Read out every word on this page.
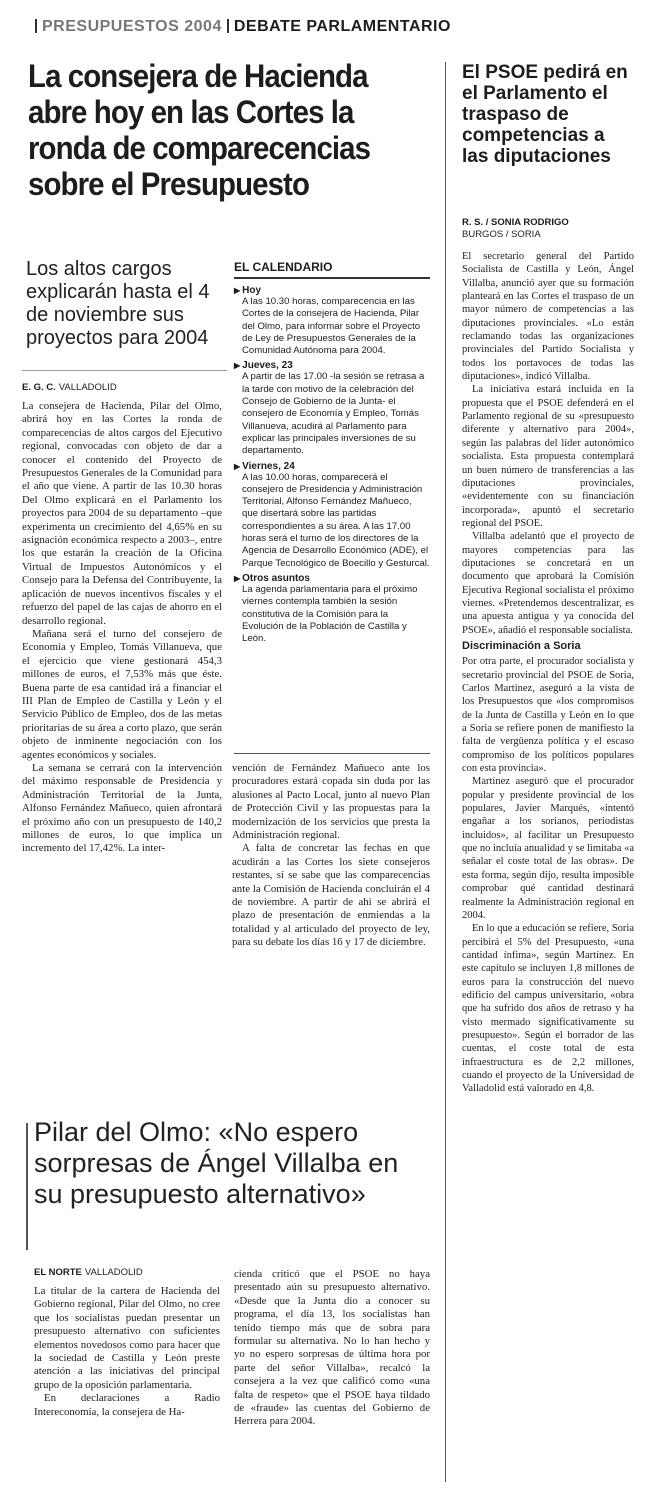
PRESUPUESTOS 2004 DEBATE PARLAMENTARIO
La consejera de Hacienda abre hoy en las Cortes la ronda de comparecencias sobre el Presupuesto
Los altos cargos explicarán hasta el 4 de noviembre sus proyectos para 2004
E. G. C. VALLADOLID

La consejera de Hacienda, Pilar del Olmo, abrirá hoy en las Cortes la ronda de comparecencias de altos cargos del Ejecutivo regional, convocadas con objeto de dar a conocer el contenido del Proyecto de Presupuestos Generales de la Comunidad para el año que viene. A partir de las 10.30 horas Del Olmo explicará en el Parlamento los proyectos para 2004 de su departamento –que experimenta un crecimiento del 4,65% en su asignación económica respecto a 2003–, entre los que estarán la creación de la Oficina Virtual de Impuestos Autonómicos y el Consejo para la Defensa del Contribuyente, la aplicación de nuevos incentivos fiscales y el refuerzo del papel de las cajas de ahorro en el desarrollo regional.

Mañana será el turno del consejero de Economía y Empleo, Tomás Villanueva, que el ejercicio que viene gestionará 454,3 millones de euros, el 7,53% más que éste. Buena parte de esa cantidad irá a financiar el III Plan de Empleo de Castilla y León y el Servicio Público de Empleo, dos de las metas prioritarias de su área a corto plazo, que serán objeto de inminente negociación con los agentes económicos y sociales.

La semana se cerrará con la intervención del máximo responsable de Presidencia y Administración Territorial de la Junta, Alfonso Fernández Mañueco, quien afrontará el próximo año con un presupuesto de 140,2 millones de euros, lo que implica un incremento del 17,42%. La inter-

EL CALENDARIO
▶ Hoy
A las 10.30 horas, comparecencia en las Cortes de la consejera de Hacienda, Pilar del Olmo, para informar sobre el Proyecto de Ley de Presupuestos Generales de la Comunidad Autónoma para 2004.
▶ Jueves, 23
A partir de las 17.00 -la sesión se retrasa a la tarde con motivo de la celebración del Consejo de Gobierno de la Junta- el consejero de Economía y Empleo, Tomás Villanueva, acudirá al Parlamento para explicar las principales inversiones de su departamento.
▶ Viernes, 24
A las 10.00 horas, comparecerá el consejero de Presidencia y Administración Territorial, Alfonso Fernández Mañueco, que disertará sobre las partidas correspondientes a su área. A las 17.00 horas será el turno de los directores de la Agencia de Desarrollo Económico (ADE), el Parque Tecnológico de Boecillo y Gesturcal.
▶ Otros asuntos
La agenda parlamentaria para el próximo viernes contempla también la sesión constitutiva de la Comisión para la Evolución de la Población de Castilla y León.

vención de Fernández Mañueco ante los procuradores estará copada sin duda por las alusiones al Pacto Local, junto al nuevo Plan de Protección Civil y las propuestas para la modernización de los servicios que presta la Administración regional.

A falta de concretar las fechas en que acudirán a las Cortes los siete consejeros restantes, sí se sabe que las comparecencias ante la Comisión de Hacienda concluirán el 4 de noviembre. A partir de ahí se abrirá el plazo de presentación de enmiendas a la totalidad y al articulado del proyecto de ley, para su debate los días 16 y 17 de diciembre.

El PSOE pedirá en el Parlamento el traspaso de competencias a las diputaciones
R. S. / SONIA RODRIGO
BURGOS / SORIA

El secretario general del Partido Socialista de Castilla y León, Ángel Villalba, anunció ayer que su formación planteará en las Cortes el traspaso de un mayor número de competencias a las diputaciones provinciales. «Lo están reclamando todas las organizaciones provinciales del Partido Socialista y todos los portavoces de todas las diputaciones», indicó Villalba.

La iniciativa estará incluida en la propuesta que el PSOE defenderá en el Parlamento regional de su «presupuesto diferente y alternativo para 2004», según las palabras del líder autonómico socialista. Esta propuesta contemplará un buen número de transferencias a las diputaciones provinciales, «evidentemente con su financiación incorporada», apuntó el secretario regional del PSOE.

Villalba adelantó que el proyecto de mayores competencias para las diputaciones se concretará en un documento que aprobará la Comisión Ejecutiva Regional socialista el próximo viernes. «Pretendemos descentralizar, es una apuesta antigua y ya conocida del PSOE», añadió el responsable socialista.

Discriminación a Soria

Por otra parte, el procurador socialista y secretario provincial del PSOE de Soria, Carlos Martínez, aseguró a la vista de los Presupuestos que «los compromisos de la Junta de Castilla y León en lo que a Soria se refiere ponen de manifiesto la falta de vergüenza política y el escaso compromiso de los políticos populares con esta provincia».

Martínez aseguró que el procurador popular y presidente provincial de los populares, Javier Marqués, «intentó engañar a los sorianos, periodistas incluidos», al facilitar un Presupuesto que no incluía anualidad y se limitaba «a señalar el coste total de las obras». De esta forma, según dijo, resulta imposible comprobar qué cantidad destinará realmente la Administración regional en 2004.

En lo que a educación se refiere, Soria percibirá el 5% del Presupuesto, «una cantidad ínfima», según Martínez. En este capítulo se incluyen 1,8 millones de euros para la construcción del nuevo edificio del campus universitario, «obra que ha sufrido dos años de retraso y ha visto mermado significativamente su presupuesto». Según el borrador de las cuentas, el coste total de esta infraestructura es de 2,2 millones, cuando el proyecto de la Universidad de Valladolid está valorado en 4,8.

Pilar del Olmo: «No espero sorpresas de Ángel Villalba en su presupuesto alternativo»
EL NORTE VALLADOLID

La titular de la cartera de Hacienda del Gobierno regional, Pilar del Olmo, no cree que los socialistas puedan presentar un presupuesto alternativo con suficientes elementos novedosos como para hacer que la sociedad de Castilla y León preste atención a las iniciativas del principal grupo de la oposición parlamentaria.

En declaraciones a Radio Intereconomía, la consejera de Ha-

cienda criticó que el PSOE no haya presentado aún su presupuesto alternativo. «Desde que la Junta dio a conocer su programa, el día 13, los socialistas han tenido tiempo más que de sobra para formular su alternativa. No lo han hecho y yo no espero sorpresas de última hora por parte del señor Villalba», recalcó la consejera a la vez que calificó como «una falta de respeto» que el PSOE haya tildado de «fraude» las cuentas del Gobierno de Herrera para 2004.
